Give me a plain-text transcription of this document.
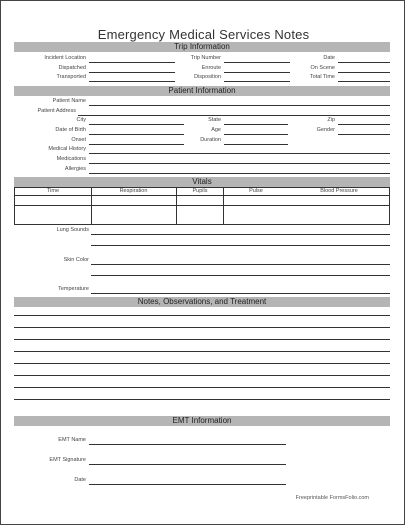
Emergency Medical Services Notes
Trip Information
Incident Location	Trip Number	Date
Dispatched	Enroute	On Scene
Transported	Disposition	Total Time
Patient Information
Patient Name
Patient Address
City	State	Zip
Date of Birth	Age	Gender
Onset	Duration
Medical History
Medications
Allergies
Vitals
Time	Respiration	Pupils	Pulse	Blood Pressure
Lung Sounds
Skin Color
Temperature
Notes, Observations, and Treatment
EMT Information
EMT Name
EMT Signature
Date
Freeprintable FormsFolio.com
